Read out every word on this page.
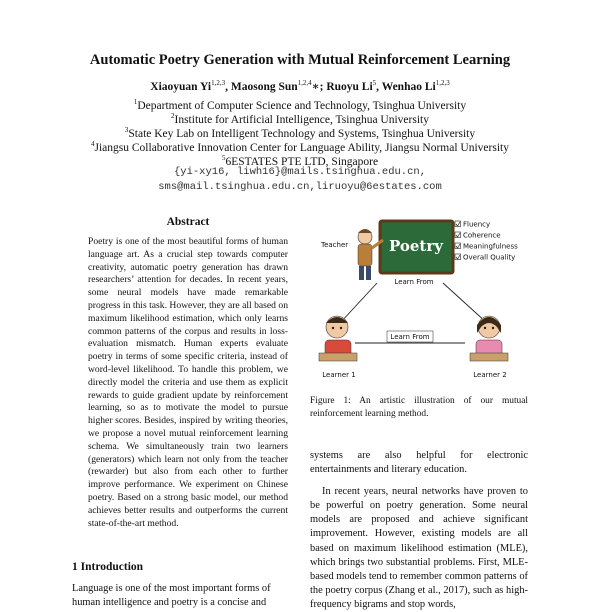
Automatic Poetry Generation with Mutual Reinforcement Learning
Xiaoyuan Yi$^{1,2,3}$, Maosong Sun$^{1,2,4}$∗; Ruoyu Li$^5$, Wenhao Li$^{1,2,3}$
$^1$Department of Computer Science and Technology, Tsinghua University
$^2$Institute for Artificial Intelligence, Tsinghua University
$^3$State Key Lab on Intelligent Technology and Systems, Tsinghua University
$^4$Jiangsu Collaborative Innovation Center for Language Ability, Jiangsu Normal University
$^5$6ESTATES PTE LTD, Singapore
{yi-xy16, liwh16}@mails.tsinghua.edu.cn,
sms@mail.tsinghua.edu.cn,liruoyu@6estates.com
Abstract
Poetry is one of the most beautiful forms of human language art. As a crucial step towards computer creativity, automatic poetry generation has drawn researchers’ attention for decades. In recent years, some neural models have made remarkable progress in this task. However, they are all based on maximum likelihood estimation, which only learns common patterns of the corpus and results in loss-evaluation mismatch. Human experts evaluate poetry in terms of some specific criteria, instead of word-level likelihood. To handle this problem, we directly model the criteria and use them as explicit rewards to guide gradient update by reinforcement learning, so as to motivate the model to pursue higher scores. Besides, inspired by writing theories, we propose a novel mutual reinforcement learning schema. We simultaneously train two learners (generators) which learn not only from the teacher (rewarder) but also from each other to further improve performance. We experiment on Chinese poetry. Based on a strong basic model, our method achieves better results and outperforms the current state-of-the-art method.
1 Introduction
Language is one of the most important forms of human intelligence and poetry is a concise and
Poetry
Teacher
Fluency
Coherence
Meaningfulness
Overall Quality
Learn From
Learn From
Learner 1	Learner 2
Figure 1: An artistic illustration of our mutual reinforcement learning method.

systems are also helpful for electronic entertainments and literary education.

In recent years, neural networks have proven to be powerful on poetry generation. Some neural models are proposed and achieve significant improvement. However, existing models are all based on maximum likelihood estimation (MLE), which brings two substantial problems. First, MLE-based models tend to remember common patterns of the poetry corpus (Zhang et al., 2017), such as high-frequency bigrams and stop words,
